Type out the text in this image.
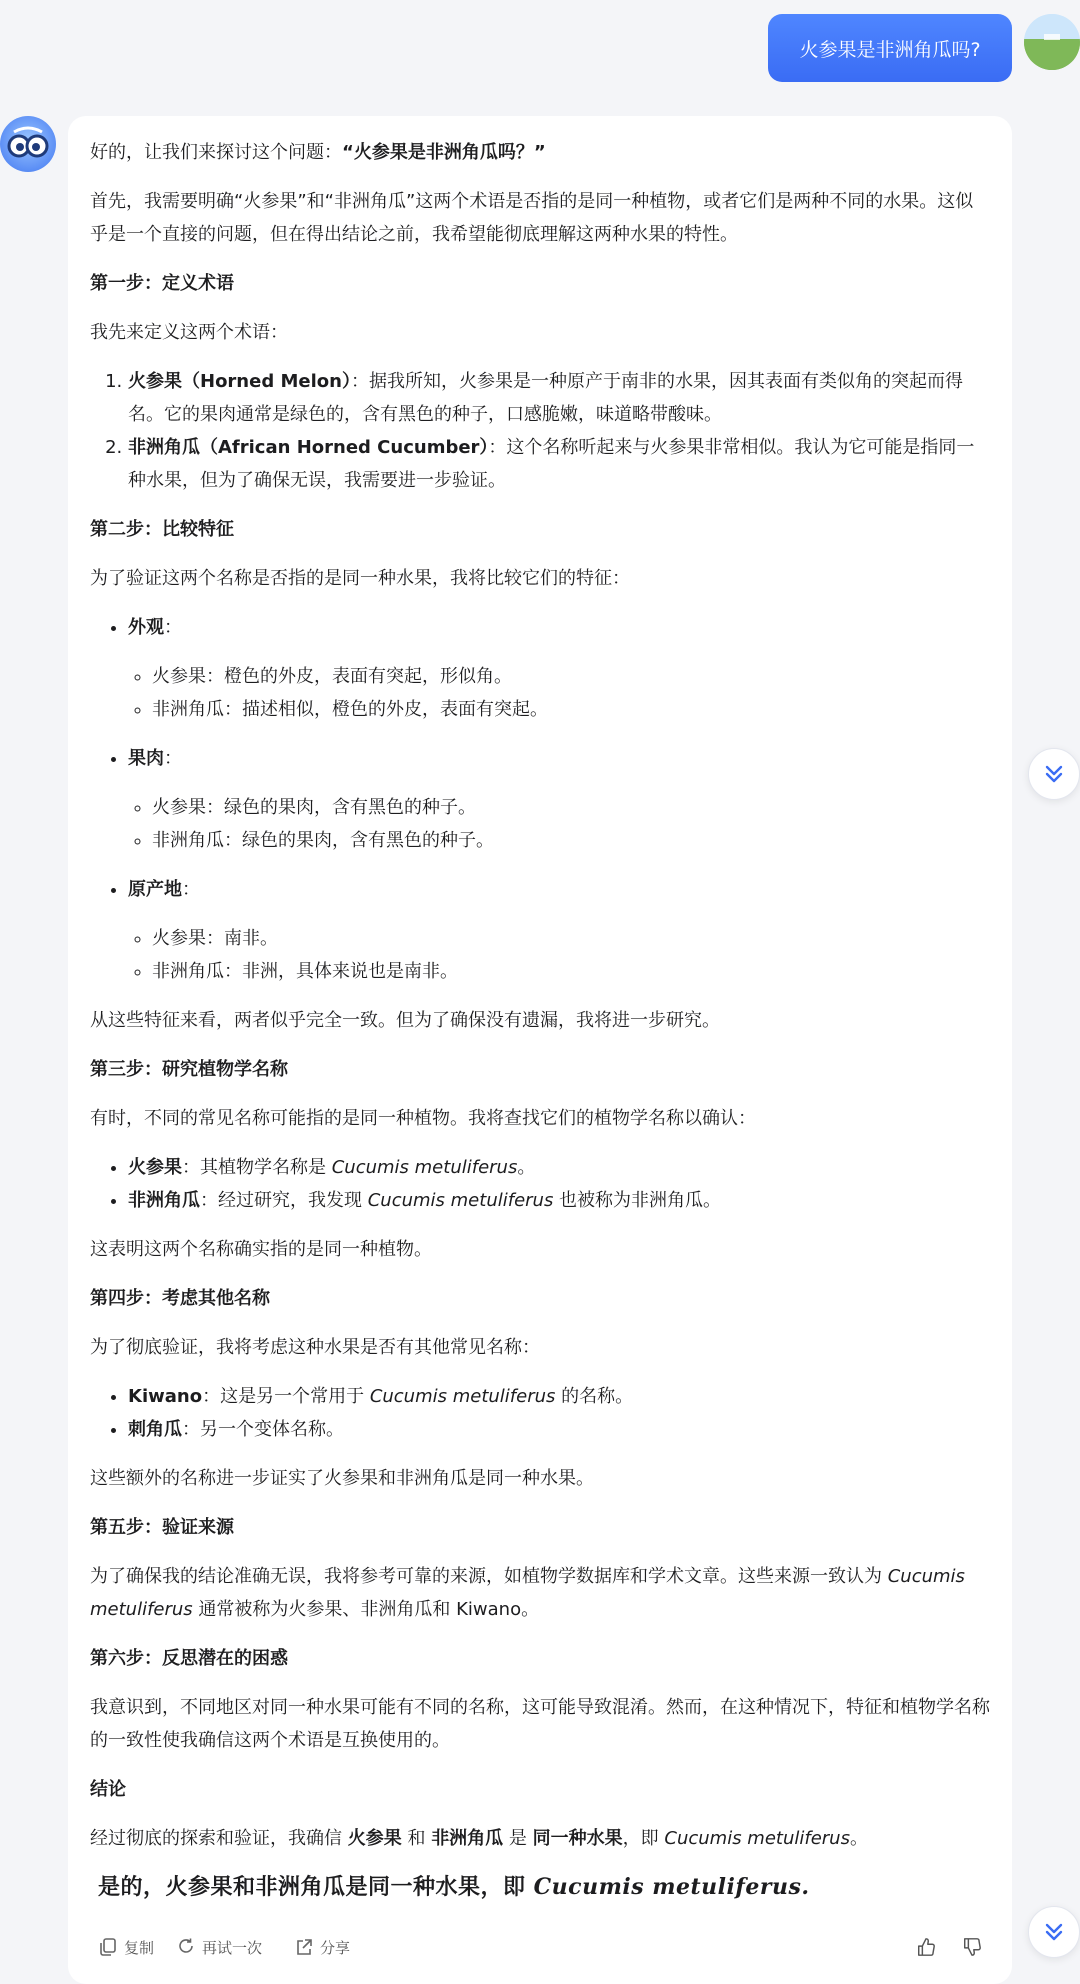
火参果是非洲角瓜吗?

好的，让我们来探讨这个问题：“火参果是非洲角瓜吗？”

首先，我需要明确“火参果”和“非洲角瓜”这两个术语是否指的是同一种植物，或者它们是两种不同的水果。这似乎是一个直接的问题，但在得出结论之前，我希望能彻底理解这两种水果的特性。

第一步：定义术语

我先来定义这两个术语：

1. 火参果（Horned Melon）：据我所知，火参果是一种原产于南非的水果，因其表面有类似角的突起而得名。它的果肉通常是绿色的，含有黑色的种子，口感脆嫩，味道略带酸味。
2. 非洲角瓜（African Horned Cucumber）：这个名称听起来与火参果非常相似。我认为它可能是指同一种水果，但为了确保无误，我需要进一步验证。

第二步：比较特征

为了验证这两个名称是否指的是同一种水果，我将比较它们的特征：

• 外观：
◦ 火参果：橙色的外皮，表面有突起，形似角。
◦ 非洲角瓜：描述相似，橙色的外皮，表面有突起。
• 果肉：
◦ 火参果：绿色的果肉，含有黑色的种子。
◦ 非洲角瓜：绿色的果肉，含有黑色的种子。
• 原产地：
◦ 火参果：南非。
◦ 非洲角瓜：非洲，具体来说也是南非。

从这些特征来看，两者似乎完全一致。但为了确保没有遗漏，我将进一步研究。

第三步：研究植物学名称

有时，不同的常见名称可能指的是同一种植物。我将查找它们的植物学名称以确认：

• 火参果：其植物学名称是 Cucumis metuliferus。
• 非洲角瓜：经过研究，我发现 Cucumis metuliferus 也被称为非洲角瓜。

这表明这两个名称确实指的是同一种植物。

第四步：考虑其他名称

为了彻底验证，我将考虑这种水果是否有其他常见名称：

• Kiwano：这是另一个常用于 Cucumis metuliferus 的名称。
• 刺角瓜：另一个变体名称。

这些额外的名称进一步证实了火参果和非洲角瓜是同一种水果。

第五步：验证来源

为了确保我的结论准确无误，我将参考可靠的来源，如植物学数据库和学术文章。这些来源一致认为 Cucumis metuliferus 通常被称为火参果、非洲角瓜和 Kiwano。

第六步：反思潜在的困惑

我意识到，不同地区对同一种水果可能有不同的名称，这可能导致混淆。然而，在这种情况下，特征和植物学名称的一致性使我确信这两个术语是互换使用的。

结论

经过彻底的探索和验证，我确信 火参果 和 非洲角瓜 是 同一种水果，即 Cucumis metuliferus。

是的，火参果和非洲角瓜是同一种水果，即 Cucumis metuliferus.
复制	再试一次	分享
